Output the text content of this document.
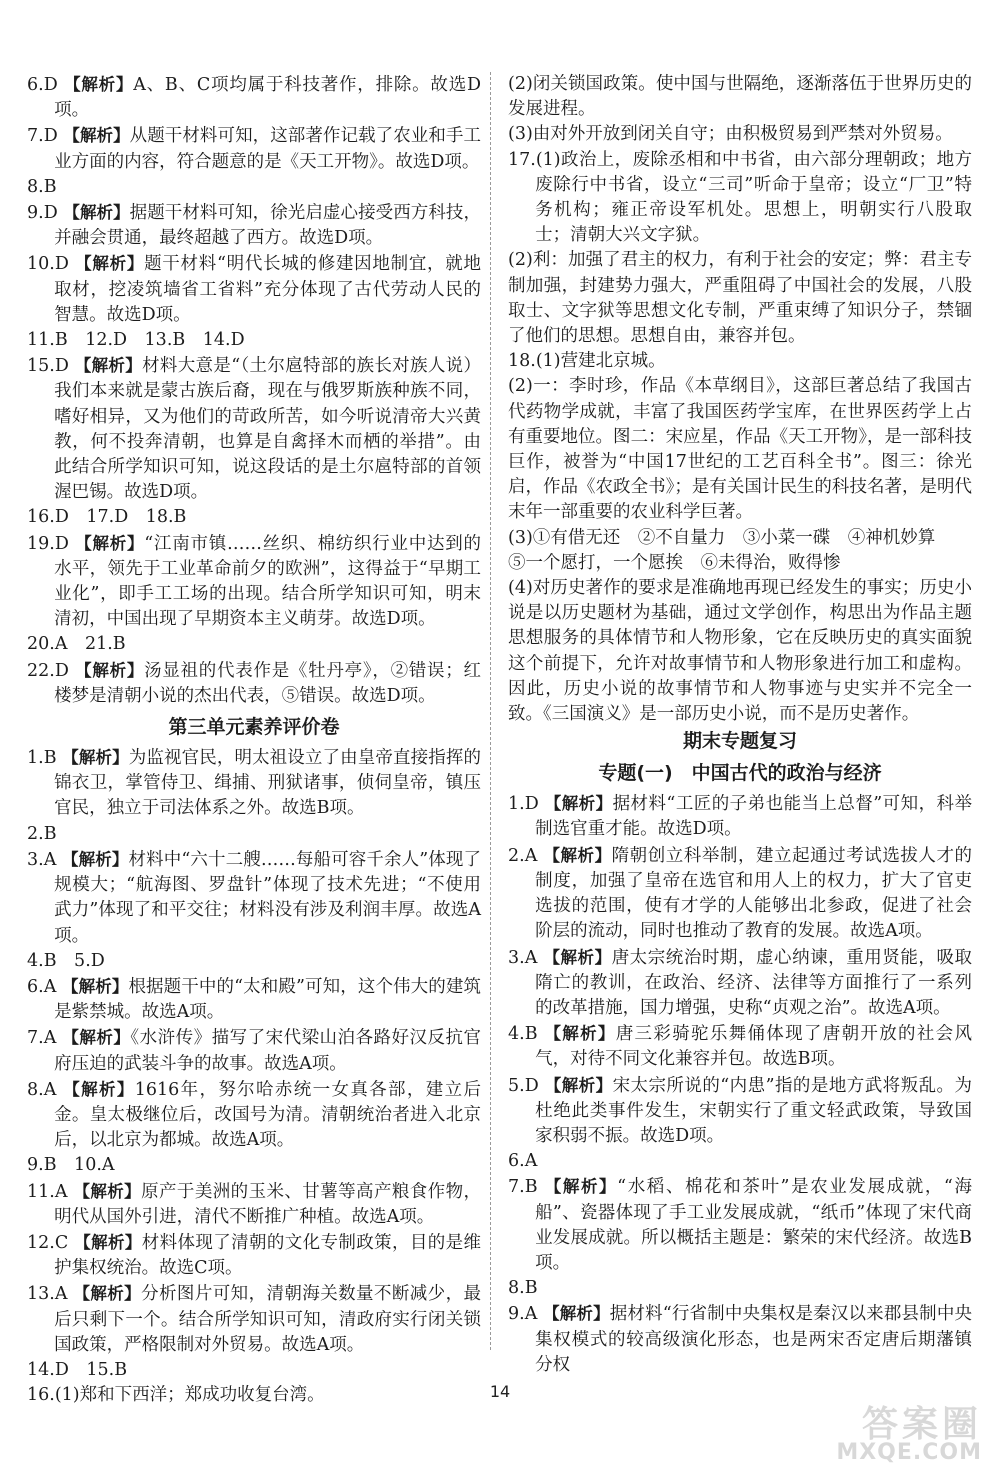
6.D 【解析】A、B、C项均属于科技著作，排除。故选D项。

7.D 【解析】从题干材料可知，这部著作记载了农业和手工业方面的内容，符合题意的是《天工开物》。故选D项。

8.B

9.D 【解析】据题干材料可知，徐光启虚心接受西方科技，并融会贯通，最终超越了西方。故选D项。

10.D 【解析】题干材料“明代长城的修建因地制宜，就地取材，挖凌筑墙省工省料”充分体现了古代劳动人民的智慧。故选D项。

11.B　12.D　13.B　14.D

15.D 【解析】材料大意是“（土尔扈特部的族长对族人说）我们本来就是蒙古族后裔，现在与俄罗斯族种族不同，嗜好相异，又为他们的苛政所苦，如今听说清帝大兴黄教，何不投奔清朝，也算是自禽择木而栖的举措”。由此结合所学知识可知，说这段话的是土尔扈特部的首领渥巴锡。故选D项。

16.D　17.D　18.B

19.D 【解析】“江南市镇……丝织、棉纺织行业中达到的水平，领先于工业革命前夕的欧洲”，这得益于“早期工业化”，即手工工场的出现。结合所学知识可知，明末清初，中国出现了早期资本主义萌芽。故选D项。

20.A　21.B

22.D 【解析】汤显祖的代表作是《牡丹亭》，②错误；红楼梦是清朝小说的杰出代表，⑤错误。故选D项。

第三单元素养评价卷

1.B 【解析】为监视官民，明太祖设立了由皇帝直接指挥的锦衣卫，掌管侍卫、缉捕、刑狱诸事，侦伺皇帝，镇压官民，独立于司法体系之外。故选B项。

2.B

3.A 【解析】材料中“六十二艘……每船可容千余人”体现了规模大；“航海图、罗盘针”体现了技术先进；“不使用武力”体现了和平交往；材料没有涉及利润丰厚。故选A项。

4.B　5.D

6.A 【解析】根据题干中的“太和殿”可知，这个伟大的建筑是紫禁城。故选A项。

7.A 【解析】《水浒传》描写了宋代梁山泊各路好汉反抗官府压迫的武装斗争的故事。故选A项。

8.A 【解析】1616年，努尔哈赤统一女真各部，建立后金。皇太极继位后，改国号为清。清朝统治者进入北京后，以北京为都城。故选A项。

9.B　10.A

11.A 【解析】原产于美洲的玉米、甘薯等高产粮食作物，明代从国外引进，清代不断推广种植。故选A项。

12.C 【解析】材料体现了清朝的文化专制政策，目的是维护集权统治。故选C项。

13.A 【解析】分析图片可知，清朝海关数量不断减少，最后只剩下一个。结合所学知识可知，清政府实行闭关锁国政策，严格限制对外贸易。故选A项。

14.D　15.B

16.(1)郑和下西洋；郑成功收复台湾。

(2)闭关锁国政策。使中国与世隔绝，逐渐落伍于世界历史的发展进程。

(3)由对外开放到闭关自守；由积极贸易到严禁对外贸易。

17.(1)政治上，废除丞相和中书省，由六部分理朝政；地方废除行中书省，设立“三司”听命于皇帝；设立“厂卫”特务机构；雍正帝设军机处。思想上，明朝实行八股取士；清朝大兴文字狱。

(2)利：加强了君主的权力，有利于社会的安定；弊：君主专制加强，封建势力强大，严重阻碍了中国社会的发展，八股取士、文字狱等思想文化专制，严重束缚了知识分子，禁锢了他们的思想。思想自由，兼容并包。

18.(1)营建北京城。

(2)一：李时珍，作品《本草纲目》，这部巨著总结了我国古代药物学成就，丰富了我国医药学宝库，在世界医药学上占有重要地位。图二：宋应星，作品《天工开物》，是一部科技巨作，被誉为“中国17世纪的工艺百科全书”。图三：徐光启，作品《农政全书》；是有关国计民生的科技名著，是明代末年一部重要的农业科学巨著。

(3)①有借无还　②不自量力　③小菜一碟　④神机妙算

⑤一个愿打，一个愿挨　⑥未得治，败得惨

(4)对历史著作的要求是准确地再现已经发生的事实；历史小说是以历史题材为基础，通过文学创作，构思出为作品主题思想服务的具体情节和人物形象，它在反映历史的真实面貌这个前提下，允许对故事情节和人物形象进行加工和虚构。因此，历史小说的故事情节和人物事迹与史实并不完全一致。《三国演义》是一部历史小说，而不是历史著作。

期末专题复习
专题(一)　中国古代的政治与经济

1.D 【解析】据材料“工匠的子弟也能当上总督”可知，科举制选官重才能。故选D项。

2.A 【解析】隋朝创立科举制，建立起通过考试选拔人才的制度，加强了皇帝在选官和用人上的权力，扩大了官吏选拔的范围，使有才学的人能够出北参政，促进了社会阶层的流动，同时也推动了教育的发展。故选A项。

3.A 【解析】唐太宗统治时期，虚心纳谏，重用贤能，吸取隋亡的教训，在政治、经济、法律等方面推行了一系列的改革措施，国力增强，史称“贞观之治”。故选A项。

4.B 【解析】唐三彩骑驼乐舞俑体现了唐朝开放的社会风气，对待不同文化兼容并包。故选B项。

5.D 【解析】宋太宗所说的“内患”指的是地方武将叛乱。为杜绝此类事件发生，宋朝实行了重文轻武政策，导致国家积弱不振。故选D项。

6.A

7.B 【解析】“水稻、棉花和茶叶”是农业发展成就，“海船”、瓷器体现了手工业发展成就，“纸币”体现了宋代商业发展成就。所以概括主题是：繁荣的宋代经济。故选B项。

8.B

9.A 【解析】据材料“行省制中央集权是秦汉以来郡县制中央集权模式的较高级演化形态，也是两宋否定唐后期藩镇分权

14
答案圈
MXQE.COM
